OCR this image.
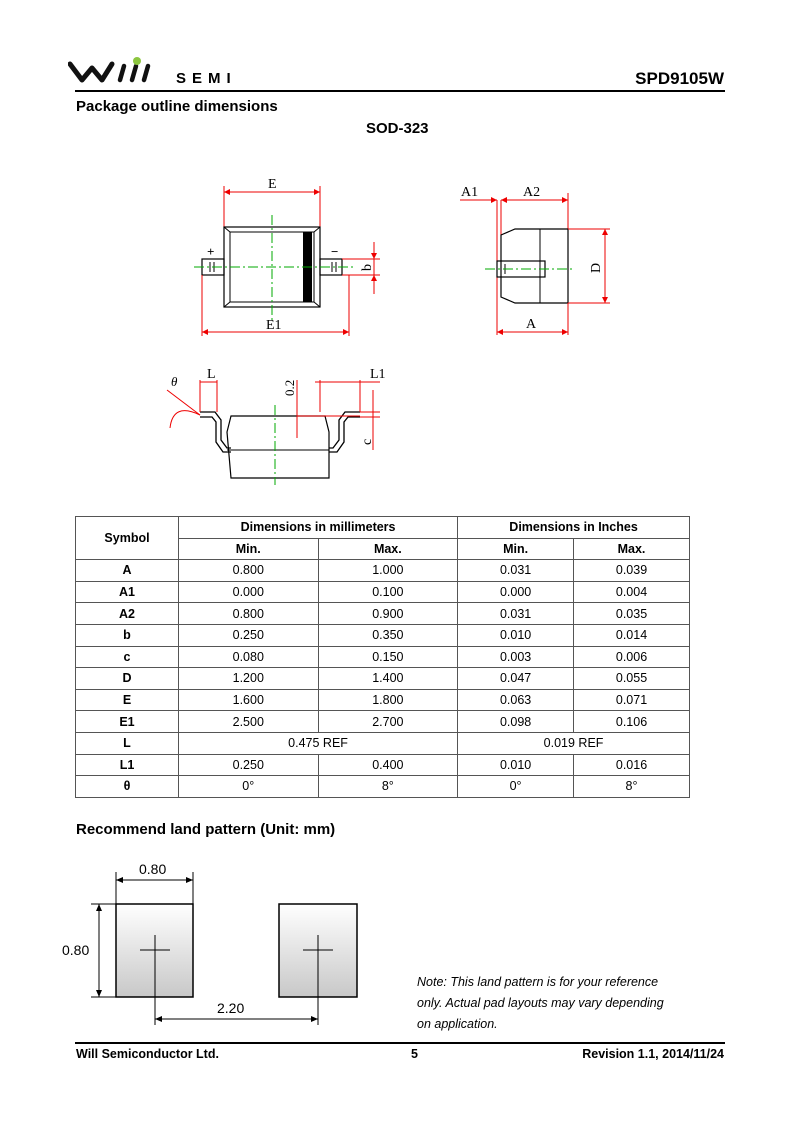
SEMI	SPD9105W
Package outline dimensions
SOD-323
E
+	−
b
E1
A1	A2
D
A
L
θ	0.2
L1
c
Symbol	Dimensions in millimeters		Dimensions in Inches	
	Min.	Max.	Min.	Max.
A	0.800	1.000	0.031	0.039
A1	0.000	0.100	0.000	0.004
A2	0.800	0.900	0.031	0.035
b	0.250	0.350	0.010	0.014
c	0.080	0.150	0.003	0.006
D	1.200	1.400	0.047	0.055
E	1.600	1.800	0.063	0.071
E1	2.500	2.700	0.098	0.106
L	0.475 REF		0.019 REF	
L1	0.250	0.400	0.010	0.016
θ	0°	8°	0°	8°
Recommend land pattern (Unit: mm)
0.80
0.80
2.20
Note: This land pattern is for your reference
only. Actual pad layouts may vary depending
on application.
Will Semiconductor Ltd.	5	Revision 1.1, 2014/11/24
